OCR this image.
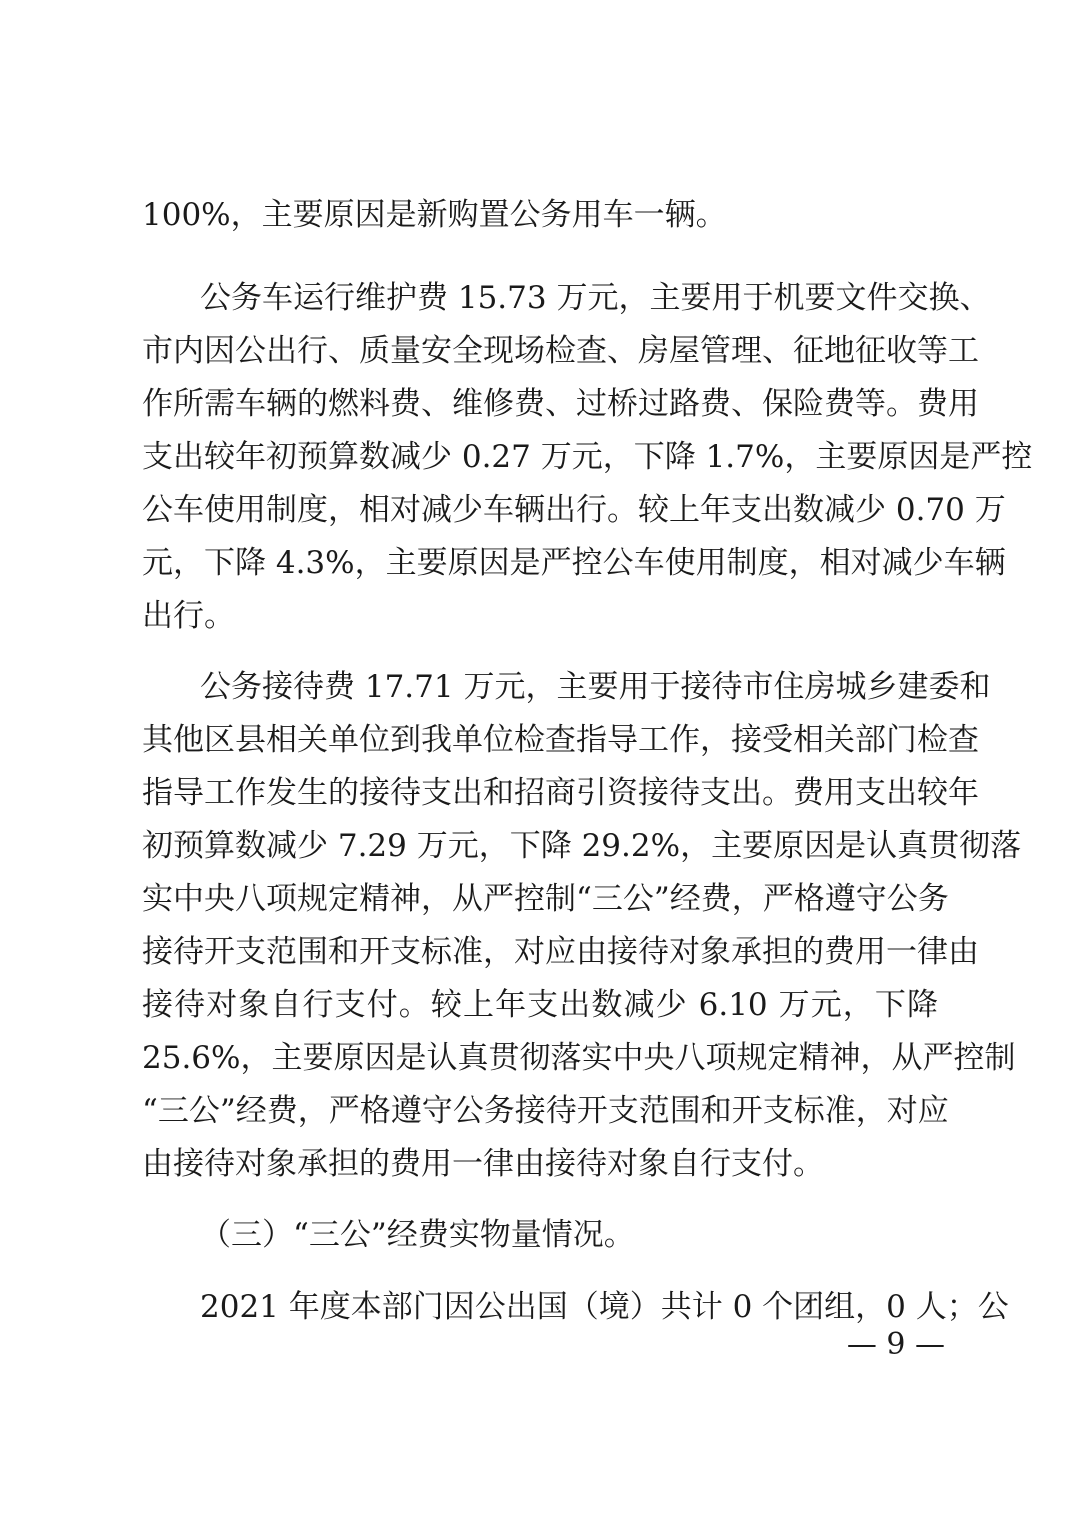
100%，主要原因是新购置公务用车一辆。
公务车运行维护费 15.73 万元，主要用于机要文件交换、
市内因公出行、质量安全现场检查、房屋管理、征地征收等工
作所需车辆的燃料费、维修费、过桥过路费、保险费等。费用
支出较年初预算数减少 0.27 万元，下降 1.7%，主要原因是严控
公车使用制度，相对减少车辆出行。较上年支出数减少 0.70 万
元，下降 4.3%，主要原因是严控公车使用制度，相对减少车辆
出行。
公务接待费 17.71 万元，主要用于接待市住房城乡建委和
其他区县相关单位到我单位检查指导工作，接受相关部门检查
指导工作发生的接待支出和招商引资接待支出。费用支出较年
初预算数减少 7.29 万元，下降 29.2%，主要原因是认真贯彻落
实中央八项规定精神，从严控制“三公”经费，严格遵守公务
接待开支范围和开支标准，对应由接待对象承担的费用一律由
接待对象自行支付。较上年支出数减少 6.10 万元，下降
25.6%，主要原因是认真贯彻落实中央八项规定精神，从严控制
“三公”经费，严格遵守公务接待开支范围和开支标准，对应
由接待对象承担的费用一律由接待对象自行支付。
（三）“三公”经费实物量情况。
2021 年度本部门因公出国（境）共计 0 个团组，0 人；公
— 9 —
